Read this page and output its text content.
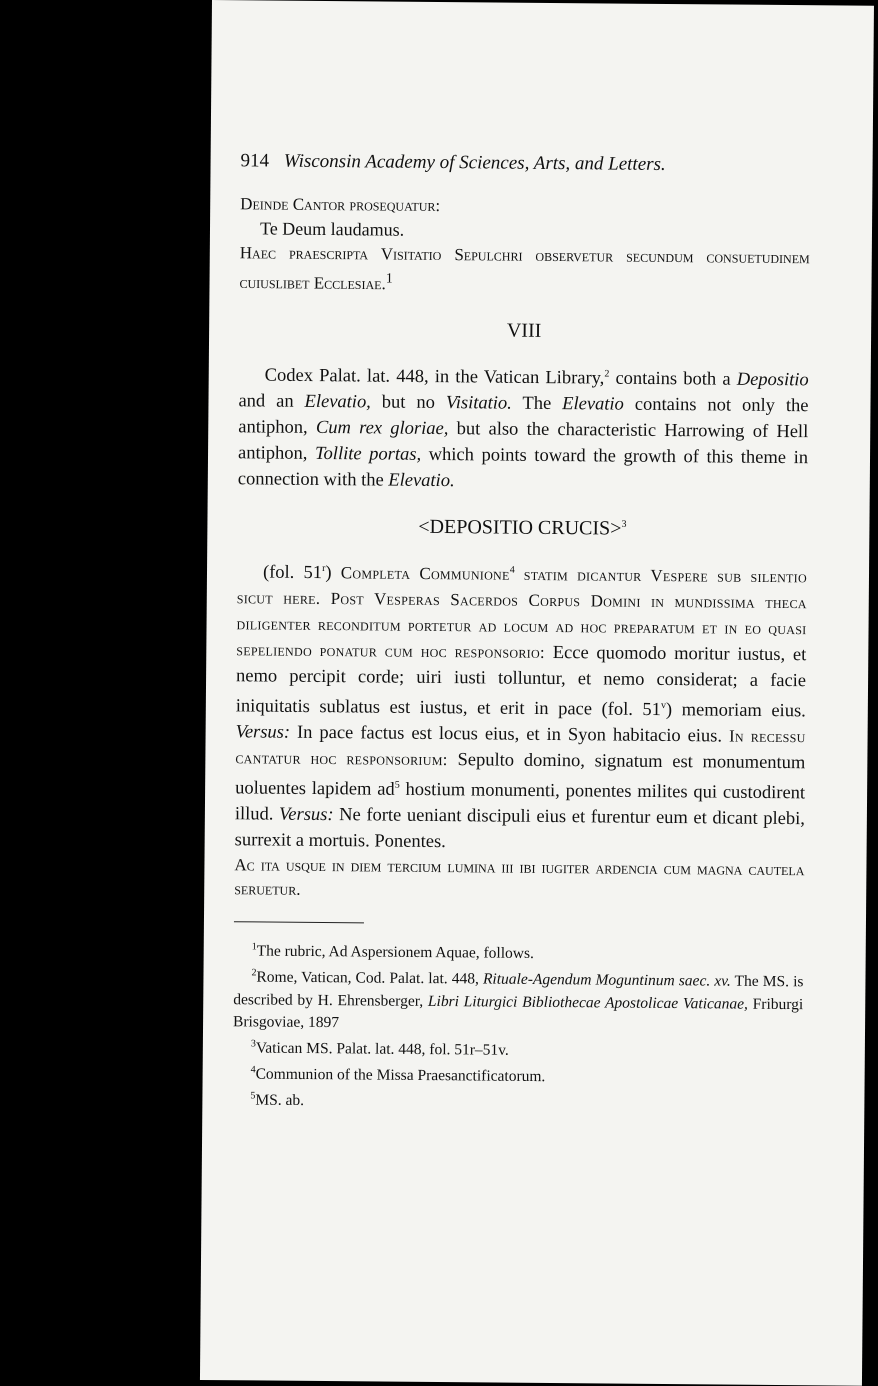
914 Wisconsin Academy of Sciences, Arts, and Letters.

Deinde Cantor prosequatur:

Te Deum laudamus.

Haec praescripta Visitatio Sepulchri observetur secundum consuetudinem cuiuslibet Ecclesiae.$^1$

VIII

Codex Palat. lat. 448, in the Vatican Library,$^2$ contains both a Depositio and an Elevatio, but no Visitatio. The Elevatio contains not only the antiphon, Cum rex gloriae, but also the characteristic Harrowing of Hell antiphon, Tollite portas, which points toward the growth of this theme in connection with the Elevatio.

<DEPOSITIO CRUCIS>$^3$

(fol. 51$^r$) Completa Communione$^4$ statim dicantur Vespere sub silentio sicut here. Post Vesperas Sacerdos Corpus Domini in mundissima theca diligenter reconditum portetur ad locum ad hoc preparatum et in eo quasi sepeliendo ponatur cum hoc responsorio: Ecce quomodo moritur iustus, et nemo percipit corde; uiri iusti tolluntur, et nemo considerat; a facie iniquitatis sublatus est iustus, et erit in pace (fol. 51$^v$) memoriam eius. Versus: In pace factus est locus eius, et in Syon habitacio eius. In recessu cantatur hoc responsorium: Sepulto domino, signatum est monumentum uoluentes lapidem $ad^5$ hostium monumenti, ponentes milites qui custodirent illud. Versus: Ne forte ueniant discipuli eius et furentur eum et dicant plebi, surrexit a mortuis. Ponentes.

Ac ita usque in diem tercium lumina iii ibi iugiter ardencia cum magna cautela seruetur.

$^1$The rubric, Ad Aspersionem Aquae, follows.

$^2$Rome, Vatican, Cod. Palat. lat. 448, Rituale-Agendum Moguntinum saec. xv. The MS. is described by H. Ehrensberger, Libri Liturgici Bibliothecae Apostolicae Vaticanae, Friburgi Brisgoviae, 1897

$^3$Vatican MS. Palat. lat. 448, fol. 51r–51v.

$^4$Communion of the Missa Praesanctificatorum.

$^5$MS. ab.
